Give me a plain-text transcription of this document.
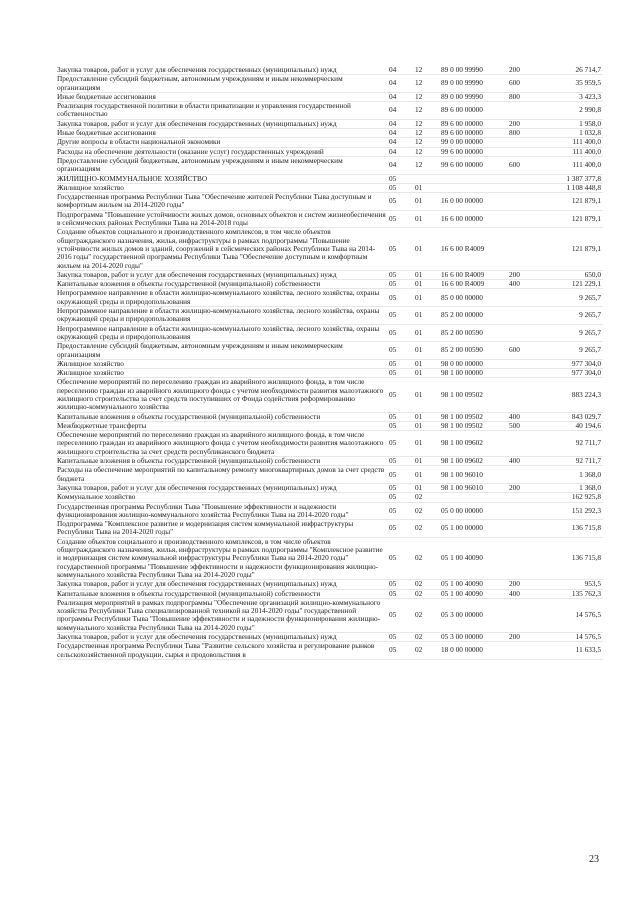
Закупка товаров, работ и услуг для обеспечения государственных (муниципальных) нужд	04	12	89 0 00 99990	200	26 714,7
Предоставление субсидий бюджетным, автономным учреждениям и иным некоммерческим организациям	04	12	89 0 00 99990	600	35 959,5
Иные бюджетные ассигнования	04	12	89 0 00 99990	800	3 423,3
Реализация государственной политики в области приватизации и управления государственной собственностью	04	12	89 6 00 00000		2 990,8
Закупка товаров, работ и услуг для обеспечения государственных (муниципальных) нужд	04	12	89 6 00 00000	200	1 958,0
Иные бюджетные ассигнования	04	12	89 6 00 00000	800	1 032,8
Другие вопросы в области национальной экономики	04	12	99 0 00 00000		111 400,0
Расходы на обеспечение деятельности (оказание услуг) государственных учреждений	04	12	99 6 00 00000		111 400,0
Предоставление субсидий бюджетным, автономным учреждениям и иным некоммерческим организациям	04	12	99 6 00 00000	600	111 400,0
ЖИЛИЩНО-КОММУНАЛЬНОЕ ХОЗЯЙСТВО	05				1 387 377,8
Жилищное хозяйство	05	01			1 108 448,8
Государственная программа Республики Тыва "Обеспечение жителей Республики Тыва доступным и комфортным жильем на 2014-2020 годы"	05	01	16 0 00 00000		121 879,1
Подпрограмма "Повышение устойчивости жилых домов, основных объектов и систем жизнеобеспечения в сейсмических районах Республики Тыва на 2014-2018 годы	05	01	16 6 00 00000		121 879,1
Создание объектов социального и производственного комплексов, в том числе объектов общегражданского назначения, жилья, инфраструктуры в рамках подпрограммы "Повышение устойчивости жилых домов и зданий, сооружений в сейсмических районах Республики Тыва на 2014-2016 годы" государственной программы Республики Тыва "Обеспечение доступным и комфортным жильем на 2014-2020 годы"	05	01	16 6 00 R4009		121 879,1
Закупка товаров, работ и услуг для обеспечения государственных (муниципальных) нужд	05	01	16 6 00 R4009	200	650,0
Капитальные вложения в объекты государственной (муниципальной) собственности	05	01	16 6 00 R4009	400	121 229,1
Непрограммное направление в области жилищно-коммунального хозяйства, лесного хозяйства, охраны окружающей среды и природопользования	05	01	85 0 00 00000		9 265,7
Непрограммное направление в области жилищно-коммунального хозяйства, лесного хозяйства, охраны окружающей среды и природопользования	05	01	85 2 00 00000		9 265,7
Непрограммное направление в области жилищно-коммунального хозяйства, лесного хозяйства, охраны окружающей среды и природопользования	05	01	85 2 00 00590		9 265,7
Предоставление субсидий бюджетным, автономным учреждениям и иным некоммерческим организациям	05	01	85 2 00 00590	600	9 265,7
Жилищное хозяйство	05	01	98 0 00 00000		977 304,0
Жилищное хозяйство	05	01	98 1 00 00000		977 304,0
Обеспечение мероприятий по переселению граждан из аварийного жилищного фонда, в том числе переселению граждан из аварийного жилищного фонда с учетом необходимости развития малоэтажного жилищного строительства за счет средств поступивших от Фонда содействия реформированию жилищно-коммунального хозяйства	05	01	98 1 00 09502		883 224,3
Капитальные вложения в объекты государственной (муниципальной) собственности	05	01	98 1 00 09502	400	843 029,7
Межбюджетные трансферты	05	01	98 1 00 09502	500	40 194,6
Обеспечение мероприятий по переселению граждан из аварийного жилищного фонда, в том числе переселению граждан из аварийного жилищного фонда с учетом необходимости развития малоэтажного жилищного строительства за счет средств республиканского бюджета	05	01	98 1 00 09602		92 711,7
Капитальные вложения в объекты государственной (муниципальной) собственности	05	01	98 1 00 09602	400	92 711,7
Расходы на обеспечение мероприятий по капитальному ремонту многоквартирных домов за счет средств бюджета	05	01	98 1 00 96010		1 368,0
Закупка товаров, работ и услуг для обеспечения государственных (муниципальных) нужд	05	01	98 1 00 96010	200	1 368,0
Коммунальное хозяйство	05	02			162 925,8
Государственная программа Республики Тыва "Повышение эффективности и надежности функционирования жилищно-коммунального хозяйства Республики Тыва на 2014-2020 годы"	05	02	05 0 00 00000		151 292,3
Подпрограмма "Комплексное развитие и модернизация систем коммунальной инфраструктуры Республики Тыва на 2014-2020 годы"	05	02	05 1 00 00000		136 715,8
Создание объектов социального и производственного комплексов, в том числе объектов общегражданского назначения, жилья, инфраструктуры в рамках подпрограммы "Комплексное развитие и модернизация систем коммунальной инфраструктуры Республики Тыва на 2014-2020 годы" государственной программы "Повышение эффективности и надежности функционирования жилищно-коммунального хозяйства Республики Тыва на 2014-2020 годы"	05	02	05 1 00 40090		136 715,8
Закупка товаров, работ и услуг для обеспечения государственных (муниципальных) нужд	05	02	05 1 00 40090	200	953,5
Капитальные вложения в объекты государственной (муниципальной) собственности	05	02	05 1 00 40090	400	135 762,3
Реализация мероприятий в рамках подпрограммы "Обеспечение организаций жилищно-коммунального хозяйства Республики Тыва специализированной техникой на 2014-2020 годы" государственной программы Республики Тыва "Повышение эффективности и надежности функционирования жилищно-коммунального хозяйства Республики Тыва на 2014-2020 годы"	05	02	05 3 00 00000		14 576,5
Закупка товаров, работ и услуг для обеспечения государственных (муниципальных) нужд	05	02	05 3 00 00000	200	14 576,5
Государственная программа Республики Тыва "Развитие сельского хозяйства и регулирование рынков сельскохозяйственной продукции, сырья и продовольствия в	05	02	18 0 00 00000		11 633,5
23
